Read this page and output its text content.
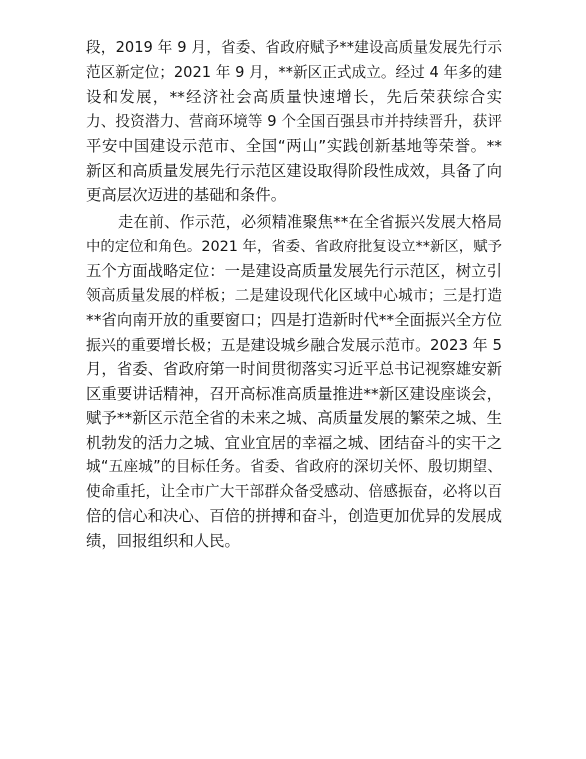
段，2019 年 9 月，省委、省政府赋予**建设高质量发展先行示
范区新定位；2021 年 9 月，**新区正式成立。经过 4 年多的建
设和发展，**经济社会高质量快速增长，先后荣获综合实
力、投资潜力、营商环境等 9 个全国百强县市并持续晋升，获评
平安中国建设示范市、全国“两山”实践创新基地等荣誉。**
新区和高质量发展先行示范区建设取得阶段性成效，具备了向
更高层次迈进的基础和条件。
走在前、作示范，必须精准聚焦**在全省振兴发展大格局
中的定位和角色。2021 年，省委、省政府批复设立**新区，赋予
五个方面战略定位：一是建设高质量发展先行示范区，树立引
领高质量发展的样板；二是建设现代化区域中心城市；三是打造
**省向南开放的重要窗口；四是打造新时代**全面振兴全方位
振兴的重要增长极；五是建设城乡融合发展示范市。2023 年 5
月，省委、省政府第一时间贯彻落实习近平总书记视察雄安新
区重要讲话精神，召开高标准高质量推进**新区建设座谈会，
赋予**新区示范全省的未来之城、高质量发展的繁荣之城、生
机勃发的活力之城、宜业宜居的幸福之城、团结奋斗的实干之
城“五座城”的目标任务。省委、省政府的深切关怀、殷切期望、
使命重托，让全市广大干部群众备受感动、倍感振奋，必将以百
倍的信心和决心、百倍的拼搏和奋斗，创造更加优异的发展成
绩，回报组织和人民。
